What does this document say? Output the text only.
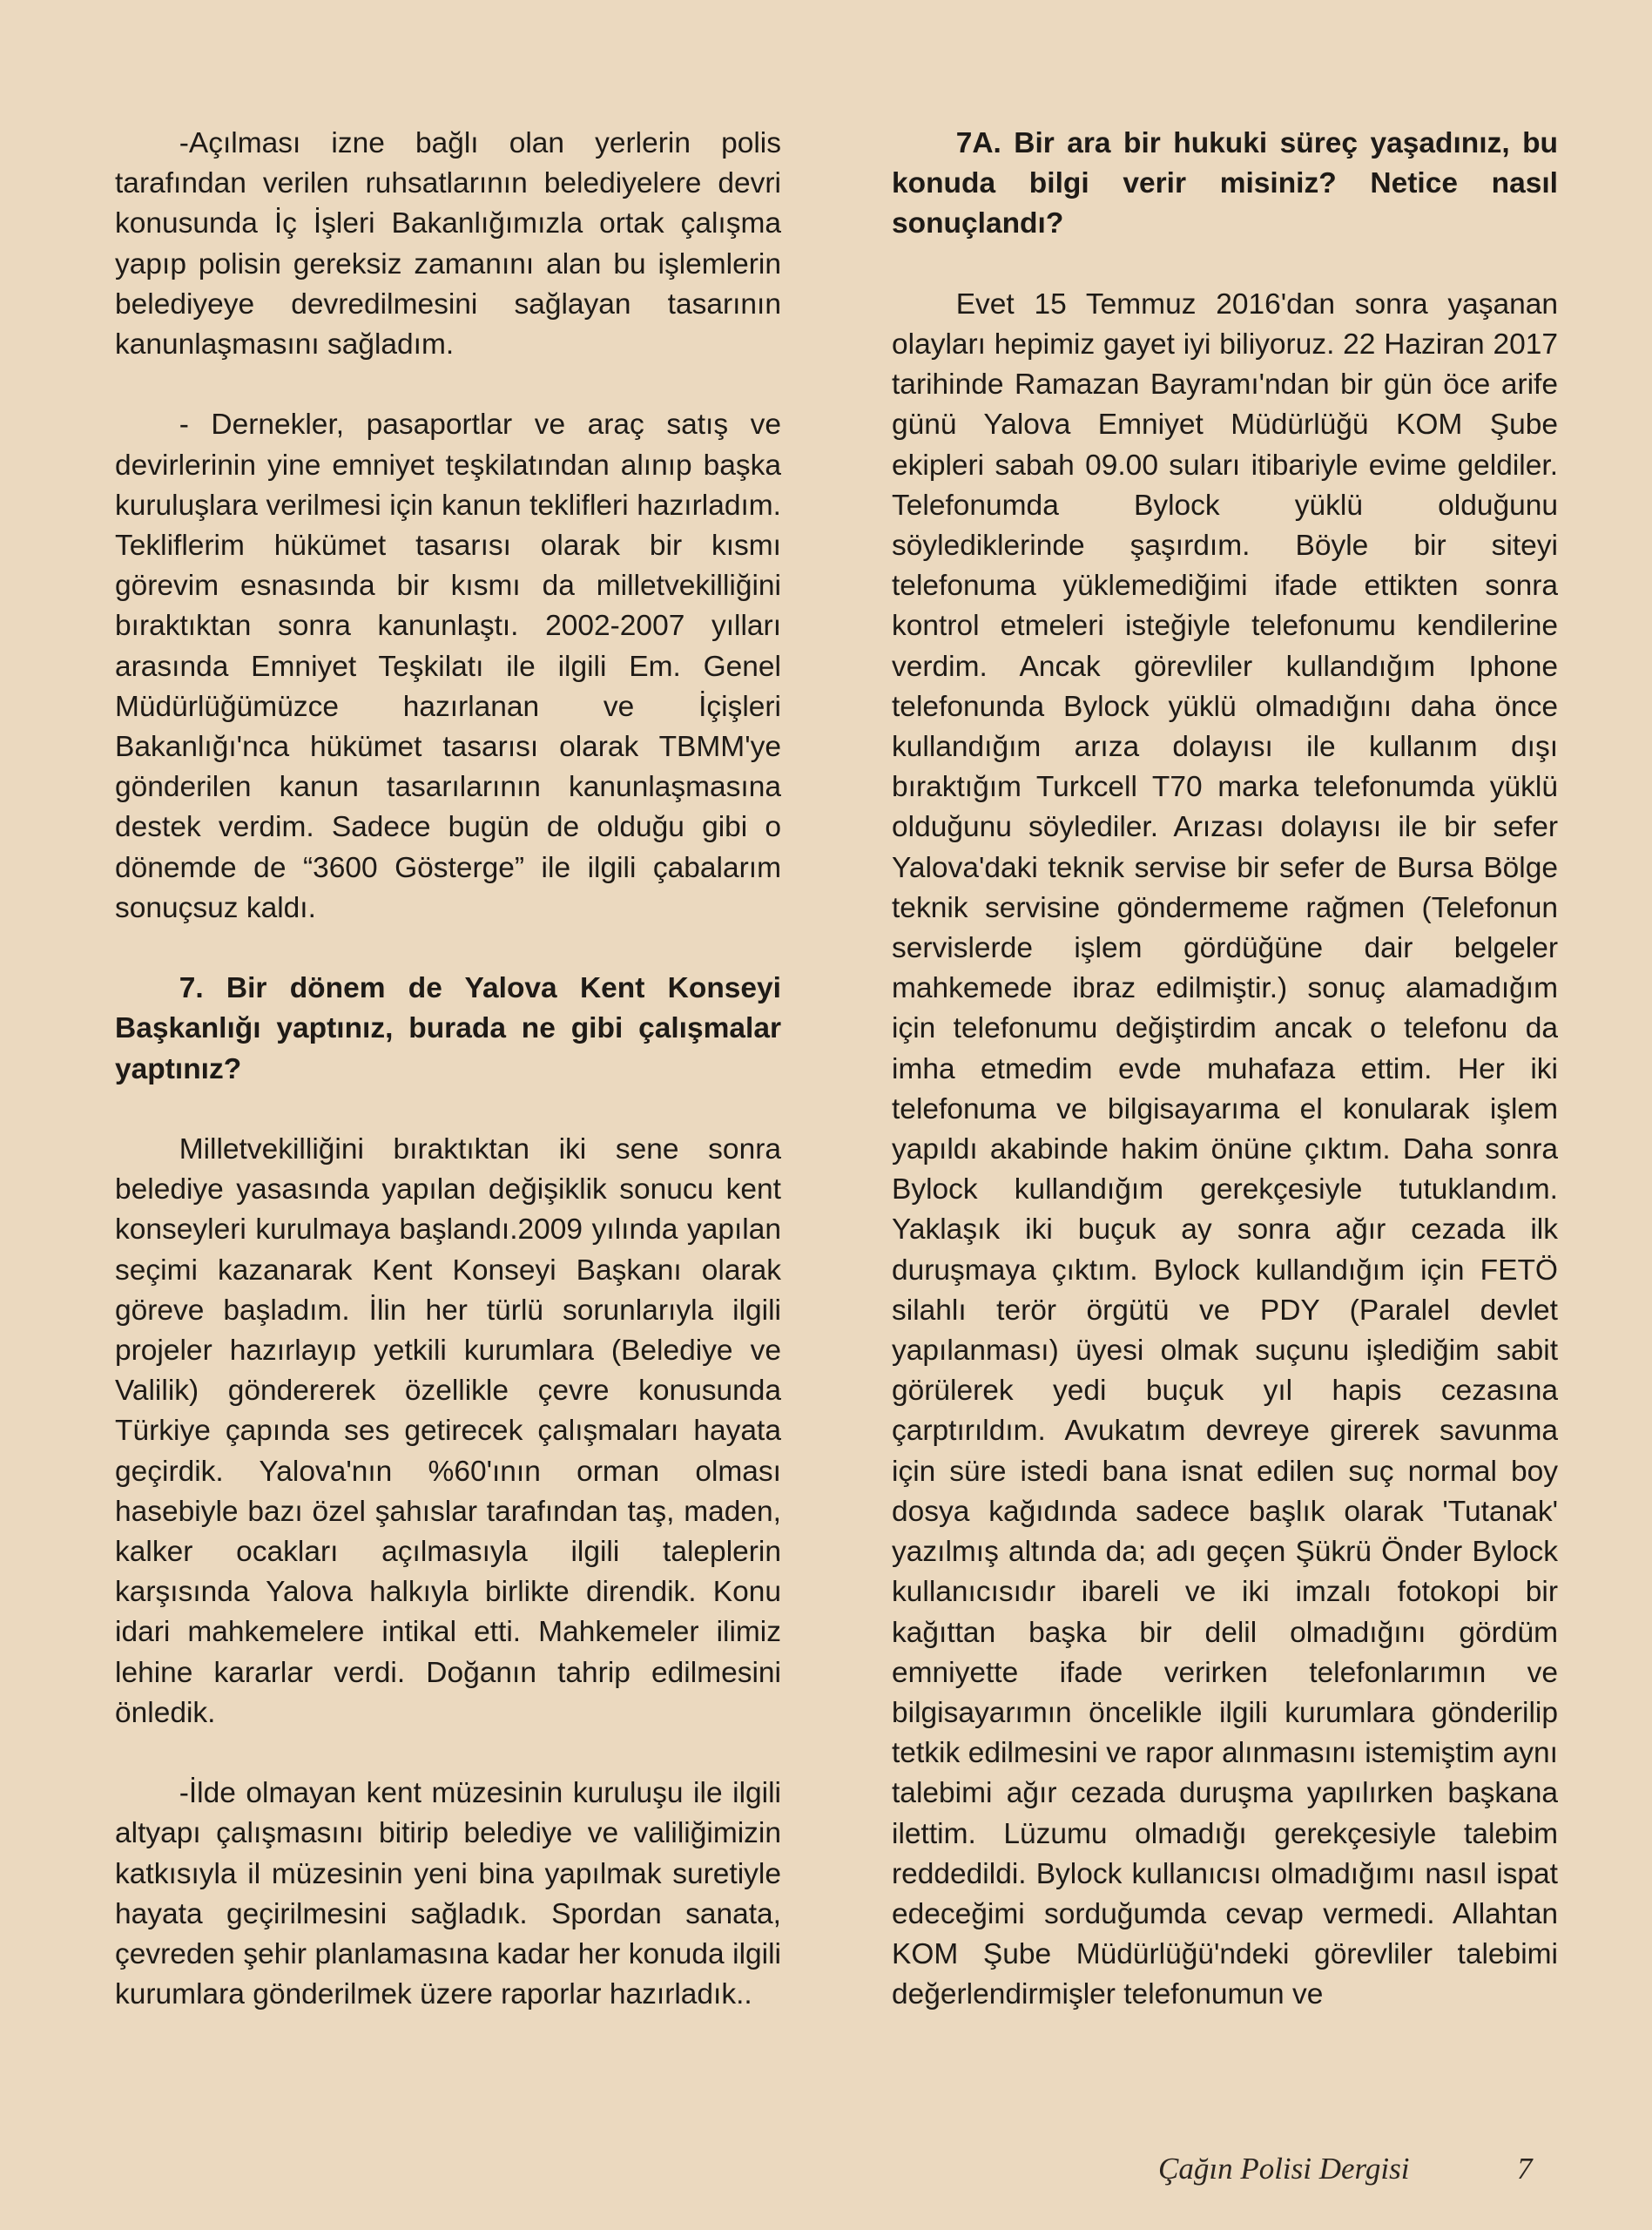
-Açılması izne bağlı olan yerlerin polis tarafından verilen ruhsatlarının belediyelere devri konusunda İç İşleri Bakanlığımızla ortak çalışma yapıp polisin gereksiz zamanını alan bu işlemlerin belediyeye devredilmesini sağlayan tasarının kanunlaşmasını sağladım.

- Dernekler, pasaportlar ve araç satış ve devirlerinin yine emniyet teşkilatından alınıp başka kuruluşlara verilmesi için kanun teklifleri hazırladım. Tekliflerim hükümet tasarısı olarak bir kısmı görevim esnasında bir kısmı da milletvekilliğini bıraktıktan sonra kanunlaştı. 2002-2007 yılları arasında Emniyet Teşkilatı ile ilgili Em. Genel Müdürlüğümüzce hazırlanan ve İçişleri Bakanlığı'nca hükümet tasarısı olarak TBMM'ye gönderilen kanun tasarılarının kanunlaşmasına destek verdim. Sadece bugün de olduğu gibi o dönemde de “3600 Gösterge” ile ilgili çabalarım sonuçsuz kaldı.

7. Bir dönem de Yalova Kent Konseyi Başkanlığı yaptınız, burada ne gibi çalışmalar yaptınız?

Milletvekilliğini bıraktıktan iki sene sonra belediye yasasında yapılan değişiklik sonucu kent konseyleri kurulmaya başlandı.2009 yılında yapılan seçimi kazanarak Kent Konseyi Başkanı olarak göreve başladım. İlin her türlü sorunlarıyla ilgili projeler hazırlayıp yetkili kurumlara (Belediye ve Valilik) göndererek özellikle çevre konusunda Türkiye çapında ses getirecek çalışmaları hayata geçirdik. Yalova'nın %60'ının orman olması hasebiyle bazı özel şahıslar tarafından taş, maden, kalker ocakları açılmasıyla ilgili taleplerin karşısında Yalova halkıyla birlikte direndik. Konu idari mahkemelere intikal etti. Mahkemeler ilimiz lehine kararlar verdi. Doğanın tahrip edilmesini önledik.

-İlde olmayan kent müzesinin kuruluşu ile ilgili altyapı çalışmasını bitirip belediye ve valiliğimizin katkısıyla il müzesinin yeni bina yapılmak suretiyle hayata geçirilmesini sağladık. Spordan sanata, çevreden şehir planlamasına kadar her konuda ilgili kurumlara gönderilmek üzere raporlar hazırladık..

7A. Bir ara bir hukuki süreç yaşadınız, bu konuda bilgi verir misiniz? Netice nasıl sonuçlandı?

Evet 15 Temmuz 2016'dan sonra yaşanan olayları hepimiz gayet iyi biliyoruz. 22 Haziran 2017 tarihinde Ramazan Bayramı'ndan bir gün öce arife günü Yalova Emniyet Müdürlüğü KOM Şube ekipleri sabah 09.00 suları itibariyle evime geldiler. Telefonumda Bylock yüklü olduğunu söylediklerinde şaşırdım. Böyle bir siteyi telefonuma yüklemediğimi ifade ettikten sonra kontrol etmeleri isteğiyle telefonumu kendilerine verdim. Ancak görevliler kullandığım Iphone telefonunda Bylock yüklü olmadığını daha önce kullandığım arıza dolayısı ile kullanım dışı bıraktığım Turkcell T70 marka telefonumda yüklü olduğunu söylediler. Arızası dolayısı ile bir sefer Yalova'daki teknik servise bir sefer de Bursa Bölge teknik servisine göndermeme rağmen (Telefonun servislerde işlem gördüğüne dair belgeler mahkemede ibraz edilmiştir.) sonuç alamadığım için telefonumu değiştirdim ancak o telefonu da imha etmedim evde muhafaza ettim. Her iki telefonuma ve bilgisayarıma el konularak işlem yapıldı akabinde hakim önüne çıktım. Daha sonra Bylock kullandığım gerekçesiyle tutuklandım. Yaklaşık iki buçuk ay sonra ağır cezada ilk duruşmaya çıktım. Bylock kullandığım için FETÖ silahlı terör örgütü ve PDY (Paralel devlet yapılanması) üyesi olmak suçunu işlediğim sabit görülerek yedi buçuk yıl hapis cezasına çarptırıldım. Avukatım devreye girerek savunma için süre istedi bana isnat edilen suç normal boy dosya kağıdında sadece başlık olarak 'Tutanak' yazılmış altında da; adı geçen Şükrü Önder Bylock kullanıcısıdır ibareli ve iki imzalı fotokopi bir kağıttan başka bir delil olmadığını gördüm emniyette ifade verirken telefonlarımın ve bilgisayarımın öncelikle ilgili kurumlara gönderilip tetkik edilmesini ve rapor alınmasını istemiştim aynı talebimi ağır cezada duruşma yapılırken başkana ilettim. Lüzumu olmadığı gerekçesiyle talebim reddedildi. Bylock kullanıcısı olmadığımı nasıl ispat edeceğimi sorduğumda cevap vermedi. Allahtan KOM Şube Müdürlüğü'ndeki görevliler talebimi değerlendirmişler telefonumun ve

Çağın Polisi Dergisi	7
